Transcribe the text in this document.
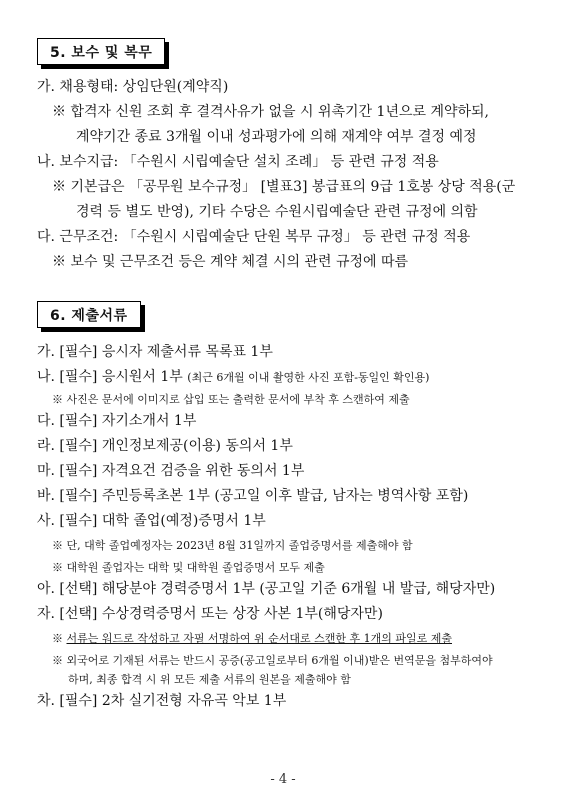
5. 보수 및 복무
가. 채용형태: 상임단원(계약직)
※ 합격자 신원 조회 후 결격사유가 없을 시 위촉기간 1년으로 계약하되,
계약기간 종료 3개월 이내 성과평가에 의해 재계약 여부 결정 예정
나. 보수지급: 「수원시 시립예술단 설치 조례」 등 관련 규정 적용
※ 기본급은 「공무원 보수규정」 [별표3] 봉급표의 9급 1호봉 상당 적용(군
경력 등 별도 반영), 기타 수당은 수원시립예술단 관련 규정에 의함
다. 근무조건: 「수원시 시립예술단 단원 복무 규정」 등 관련 규정 적용
※ 보수 및 근무조건 등은 계약 체결 시의 관련 규정에 따름
6. 제출서류
가. [필수] 응시자 제출서류 목록표 1부
나. [필수] 응시원서 1부 (최근 6개월 이내 촬영한 사진 포함-동일인 확인용)
※ 사진은 문서에 이미지로 삽입 또는 출력한 문서에 부착 후 스캔하여 제출
다. [필수] 자기소개서 1부
라. [필수] 개인정보제공(이용) 동의서 1부
마. [필수] 자격요건 검증을 위한 동의서 1부
바. [필수] 주민등록초본 1부 (공고일 이후 발급, 남자는 병역사항 포함)
사. [필수] 대학 졸업(예정)증명서 1부
※ 단, 대학 졸업예정자는 2023년 8월 31일까지 졸업증명서를 제출해야 함
※ 대학원 졸업자는 대학 및 대학원 졸업증명서 모두 제출
아. [선택] 해당분야 경력증명서 1부 (공고일 기준 6개월 내 발급, 해당자만)
자. [선택] 수상경력증명서 또는 상장 사본 1부(해당자만)
※ 서류는 워드로 작성하고 자필 서명하여 위 순서대로 스캔한 후 1개의 파일로 제출
※ 외국어로 기재된 서류는 반드시 공증(공고일로부터 6개월 이내)받은 번역문을 첨부하여야
하며, 최종 합격 시 위 모든 제출 서류의 원본을 제출해야 함
차. [필수] 2차 실기전형 자유곡 악보 1부
- 4 -
